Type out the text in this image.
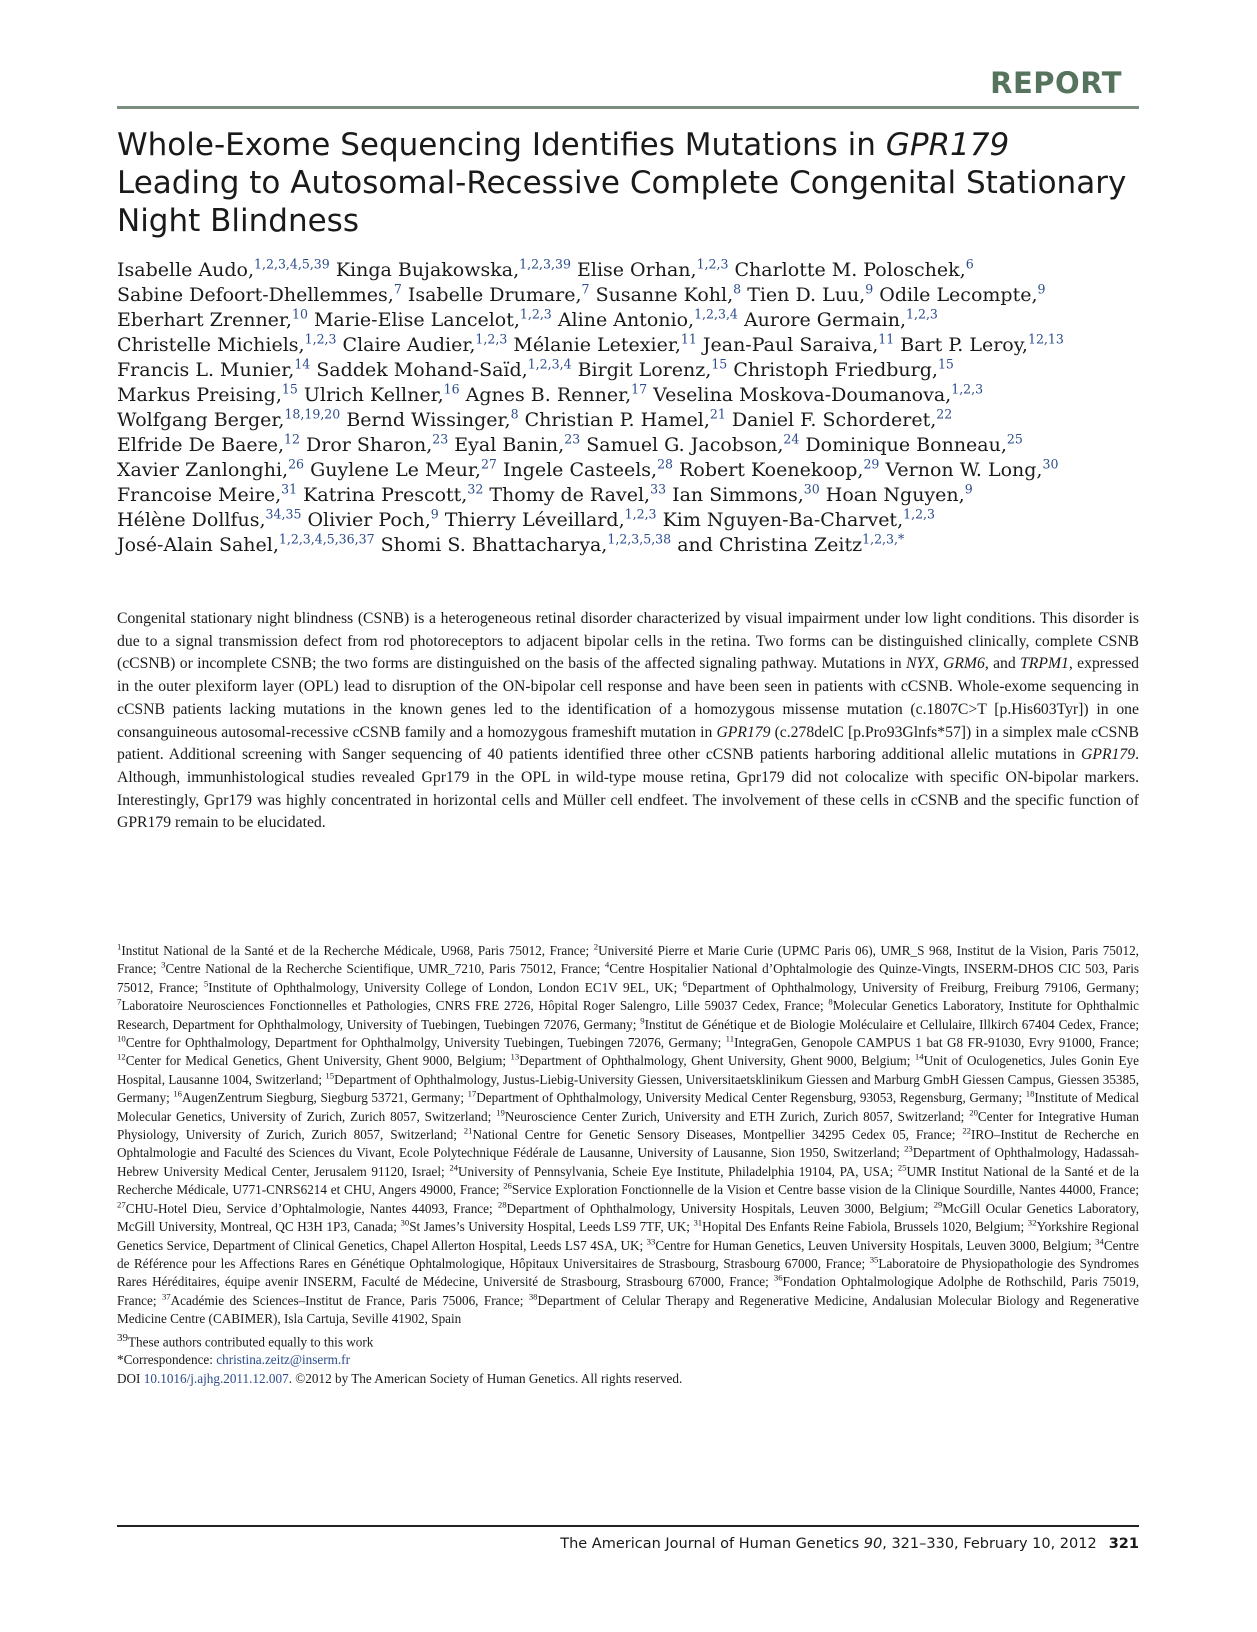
REPORT
Whole-Exome Sequencing Identifies Mutations in GPR179 Leading to Autosomal-Recessive Complete Congenital Stationary Night Blindness
Isabelle Audo,$^{1,2,3,4,5,39}$ Kinga Bujakowska,$^{1,2,3,39}$ Elise Orhan,$^{1,2,3}$ Charlotte M. Poloschek,$^6$ Sabine Defoort-Dhellemmes,$^7$ Isabelle Drumare,$^7$ Susanne Kohl,$^8$ Tien D. Luu,$^9$ Odile Lecompte,$^9$ Eberhart Zrenner,$^{10}$ Marie-Elise Lancelot,$^{1,2,3}$ Aline Antonio,$^{1,2,3,4}$ Aurore Germain,$^{1,2,3}$ Christelle Michiels,$^{1,2,3}$ Claire Audier,$^{1,2,3}$ Mélanie Letexier,$^{11}$ Jean-Paul Saraiva,$^{11}$ Bart P. Leroy,$^{12,13}$ Francis L. Munier,$^{14}$ Saddek Mohand-Saïd,$^{1,2,3,4}$ Birgit Lorenz,$^{15}$ Christoph Friedburg,$^{15}$ Markus Preising,$^{15}$ Ulrich Kellner,$^{16}$ Agnes B. Renner,$^{17}$ Veselina Moskova-Doumanova,$^{1,2,3}$ Wolfgang Berger,$^{18,19,20}$ Bernd Wissinger,$^8$ Christian P. Hamel,$^{21}$ Daniel F. Schorderet,$^{22}$ Elfride De Baere,$^{12}$ Dror Sharon,$^{23}$ Eyal Banin,$^{23}$ Samuel G. Jacobson,$^{24}$ Dominique Bonneau,$^{25}$ Xavier Zanlonghi,$^{26}$ Guylene Le Meur,$^{27}$ Ingele Casteels,$^{28}$ Robert Koenekoop,$^{29}$ Vernon W. Long,$^{30}$ Francoise Meire,$^{31}$ Katrina Prescott,$^{32}$ Thomy de Ravel,$^{33}$ Ian Simmons,$^{30}$ Hoan Nguyen,$^9$ Hélène Dollfus,$^{34,35}$ Olivier Poch,$^9$ Thierry Léveillard,$^{1,2,3}$ Kim Nguyen-Ba-Charvet,$^{1,2,3}$ José-Alain Sahel,$^{1,2,3,4,5,36,37}$ Shomi S. Bhattacharya,$^{1,2,3,5,38}$ and Christina Zeitz$^{1,2,3,*}$

Congenital stationary night blindness (CSNB) is a heterogeneous retinal disorder characterized by visual impairment under low light conditions. This disorder is due to a signal transmission defect from rod photoreceptors to adjacent bipolar cells in the retina. Two forms can be distinguished clinically, complete CSNB (cCSNB) or incomplete CSNB; the two forms are distinguished on the basis of the affected signaling pathway. Mutations in NYX, GRM6, and TRPM1, expressed in the outer plexiform layer (OPL) lead to disruption of the ON-bipolar cell response and have been seen in patients with cCSNB. Whole-exome sequencing in cCSNB patients lacking mutations in the known genes led to the identification of a homozygous missense mutation (c.1807C>T [p.His603Tyr]) in one consanguineous autosomal-recessive cCSNB family and a homozygous frameshift mutation in GPR179 (c.278delC [p.Pro93Glnfs*57]) in a simplex male cCSNB patient. Additional screening with Sanger sequencing of 40 patients identified three other cCSNB patients harboring additional allelic mutations in GPR179. Although, immunhistological studies revealed Gpr179 in the OPL in wild-type mouse retina, Gpr179 did not colocalize with specific ON-bipolar markers. Interestingly, Gpr179 was highly concentrated in horizontal cells and Müller cell endfeet. The involvement of these cells in cCSNB and the specific function of GPR179 remain to be elucidated.

$^1$Institut National de la Santé et de la Recherche Médicale, U968, Paris 75012, France; $^2$Université Pierre et Marie Curie (UPMC Paris 06), UMR_S 968, Institut de la Vision, Paris 75012, France; $^3$Centre National de la Recherche Scientifique, UMR_7210, Paris 75012, France; $^4$Centre Hospitalier National d’Ophtalmologie des Quinze-Vingts, INSERM-DHOS CIC 503, Paris 75012, France; $^5$Institute of Ophthalmology, University College of London, London EC1V 9EL, UK; $^6$Department of Ophthalmology, University of Freiburg, Freiburg 79106, Germany; $^7$Laboratoire Neurosciences Fonctionnelles et Pathologies, CNRS FRE 2726, Hôpital Roger Salengro, Lille 59037 Cedex, France; $^8$Molecular Genetics Laboratory, Institute for Ophthalmic Research, Department for Ophthalmology, University of Tuebingen, Tuebingen 72076, Germany; $^9$Institut de Génétique et de Biologie Moléculaire et Cellulaire, Illkirch 67404 Cedex, France; $^{10}$Centre for Ophthalmology, Department for Ophthalmolgy, University Tuebingen, Tuebingen 72076, Germany; $^{11}$IntegraGen, Genopole CAMPUS 1 bat G8 FR-91030, Evry 91000, France; $^{12}$Center for Medical Genetics, Ghent University, Ghent 9000, Belgium; $^{13}$Department of Ophthalmology, Ghent University, Ghent 9000, Belgium; $^{14}$Unit of Oculogenetics, Jules Gonin Eye Hospital, Lausanne 1004, Switzerland; $^{15}$Department of Ophthalmology, Justus-Liebig-University Giessen, Universitaetsklinikum Giessen and Marburg GmbH Giessen Campus, Giessen 35385, Germany; $^{16}$AugenZentrum Siegburg, Siegburg 53721, Germany; $^{17}$Department of Ophthalmology, University Medical Center Regensburg, 93053, Regensburg, Germany; $^{18}$Institute of Medical Molecular Genetics, University of Zurich, Zurich 8057, Switzerland; $^{19}$Neuroscience Center Zurich, University and ETH Zurich, Zurich 8057, Switzerland; $^{20}$Center for Integrative Human Physiology, University of Zurich, Zurich 8057, Switzerland; $^{21}$National Centre for Genetic Sensory Diseases, Montpellier 34295 Cedex 05, France; $^{22}$IRO–Institut de Recherche en Ophtalmologie and Faculté des Sciences du Vivant, Ecole Polytechnique Fédérale de Lausanne, University of Lausanne, Sion 1950, Switzerland; $^{23}$Department of Ophthalmology, Hadassah-Hebrew University Medical Center, Jerusalem 91120, Israel; $^{24}$University of Pennsylvania, Scheie Eye Institute, Philadelphia 19104, PA, USA; $^{25}$UMR Institut National de la Santé et de la Recherche Médicale, U771-CNRS6214 et CHU, Angers 49000, France; $^{26}$Service Exploration Fonctionnelle de la Vision et Centre basse vision de la Clinique Sourdille, Nantes 44000, France; $^{27}$CHU-Hotel Dieu, Service d’Ophtalmologie, Nantes 44093, France; $^{28}$Department of Ophthalmology, University Hospitals, Leuven 3000, Belgium; $^{29}$McGill Ocular Genetics Laboratory, McGill University, Montreal, QC H3H 1P3, Canada; $^{30}$St James’s University Hospital, Leeds LS9 7TF, UK; $^{31}$Hopital Des Enfants Reine Fabiola, Brussels 1020, Belgium; $^{32}$Yorkshire Regional Genetics Service, Department of Clinical Genetics, Chapel Allerton Hospital, Leeds LS7 4SA, UK; $^{33}$Centre for Human Genetics, Leuven University Hospitals, Leuven 3000, Belgium; $^{34}$Centre de Référence pour les Affections Rares en Génétique Ophtalmologique, Hôpitaux Universitaires de Strasbourg, Strasbourg 67000, France; $^{35}$Laboratoire de Physiopathologie des Syndromes Rares Héréditaires, équipe avenir INSERM, Faculté de Médecine, Université de Strasbourg, Strasbourg 67000, France; $^{36}$Fondation Ophtalmologique Adolphe de Rothschild, Paris 75019, France; $^{37}$Académie des Sciences–Institut de France, Paris 75006, France; $^{38}$Department of Celular Therapy and Regenerative Medicine, Andalusian Molecular Biology and Regenerative Medicine Centre (CABIMER), Isla Cartuja, Seville 41902, Spain
$^{39}$These authors contributed equally to this work
*Correspondence: christina.zeitz@inserm.fr
DOI 10.1016/j.ajhg.2011.12.007. ©2012 by The American Society of Human Genetics. All rights reserved.
The American Journal of Human Genetics 90, 321–330, February 10, 2012 321
